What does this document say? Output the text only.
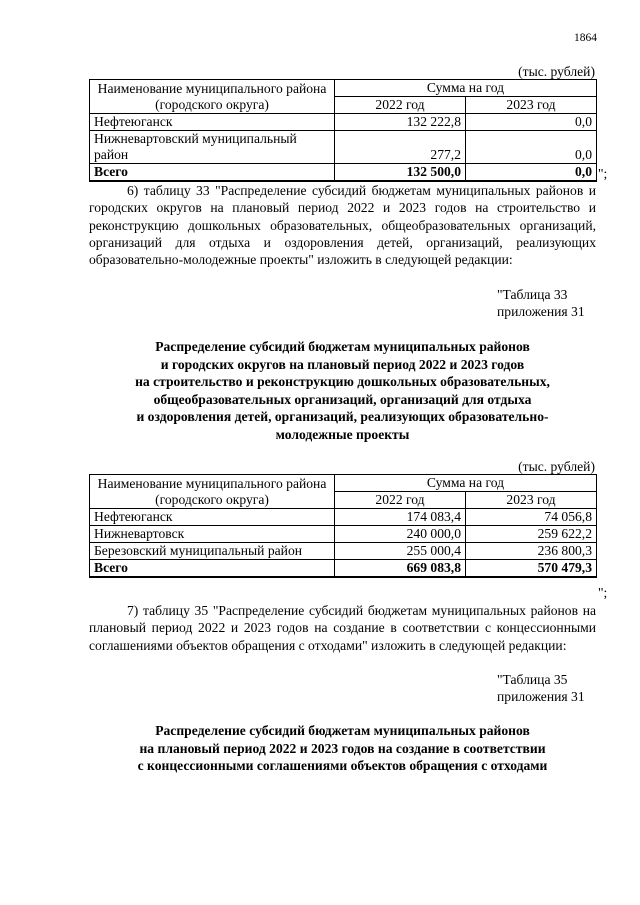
1864
(тыс. рублей)
Наименование муниципального района (городского округа)	Сумма на год	
	2022 год	2023 год
Нефтеюганск	132 222,8	0,0
Нижневартовский муниципальный район	277,2	0,0
Всего	132 500,0	0,0 ";
6) таблицу 33 "Распределение субсидий бюджетам муниципальных районов и городских округов на плановый период 2022 и 2023 годов на строительство и реконструкцию дошкольных образовательных, общеобразовательных организаций, организаций для отдыха и оздоровления детей, организаций, реализующих образовательно-молодежные проекты" изложить в следующей редакции:
"Таблица 33
приложения 31
Распределение субсидий бюджетам муниципальных районов
и городских округов на плановый период 2022 и 2023 годов
на строительство и реконструкцию дошкольных образовательных,
общеобразовательных организаций, организаций для отдыха
и оздоровления детей, организаций, реализующих образовательно-
молодежные проекты
(тыс. рублей)
Наименование муниципального района (городского округа)	Сумма на год	
	2022 год	2023 год
Нефтеюганск	174 083,4	74 056,8
Нижневартовск	240 000,0	259 622,2
Березовский муниципальный район	255 000,4	236 800,3
Всего	669 083,8	570 479,3
";
7) таблицу 35 "Распределение субсидий бюджетам муниципальных районов на плановый период 2022 и 2023 годов на создание в соответствии с концессионными соглашениями объектов обращения с отходами" изложить в следующей редакции:
"Таблица 35
приложения 31
Распределение субсидий бюджетам муниципальных районов
на плановый период 2022 и 2023 годов на создание в соответствии
с концессионными соглашениями объектов обращения с отходами
